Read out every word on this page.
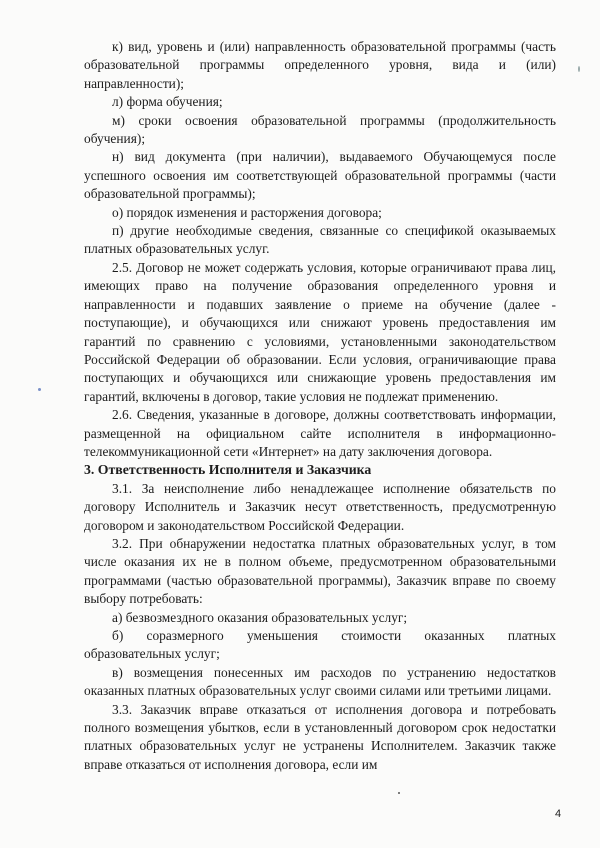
к) вид, уровень и (или) направленность образовательной программы (часть образовательной программы определенного уровня, вида и (или) направленности);

л) форма обучения;

м) сроки освоения образовательной программы (продолжительность обучения);

н) вид документа (при наличии), выдаваемого Обучающемуся после успешного освоения им соответствующей образовательной программы (части образовательной программы);

о) порядок изменения и расторжения договора;

п) другие необходимые сведения, связанные со спецификой оказываемых платных образовательных услуг.

2.5. Договор не может содержать условия, которые ограничивают права лиц, имеющих право на получение образования определенного уровня и направленности и подавших заявление о приеме на обучение (далее - поступающие), и обучающихся или снижают уровень предоставления им гарантий по сравнению с условиями, установленными законодательством Российской Федерации об образовании. Если условия, ограничивающие права поступающих и обучающихся или снижающие уровень предоставления им гарантий, включены в договор, такие условия не подлежат применению.

2.6. Сведения, указанные в договоре, должны соответствовать информации, размещенной на официальном сайте исполнителя в информационно-телекоммуникационной сети «Интернет» на дату заключения договора.

3. Ответственность Исполнителя и Заказчика

3.1. За неисполнение либо ненадлежащее исполнение обязательств по договору Исполнитель и Заказчик несут ответственность, предусмотренную договором и законодательством Российской Федерации.

3.2. При обнаружении недостатка платных образовательных услуг, в том числе оказания их не в полном объеме, предусмотренном образовательными программами (частью образовательной программы), Заказчик вправе по своему выбору потребовать:

а) безвозмездного оказания образовательных услуг;

б) соразмерного уменьшения стоимости оказанных платных образовательных услуг;

в) возмещения понесенных им расходов по устранению недостатков оказанных платных образовательных услуг своими силами или третьими лицами.

3.3. Заказчик вправе отказаться от исполнения договора и потребовать полного возмещения убытков, если в установленный договором срок недостатки платных образовательных услуг не устранены Исполнителем. Заказчик также вправе отказаться от исполнения договора, если им

4
